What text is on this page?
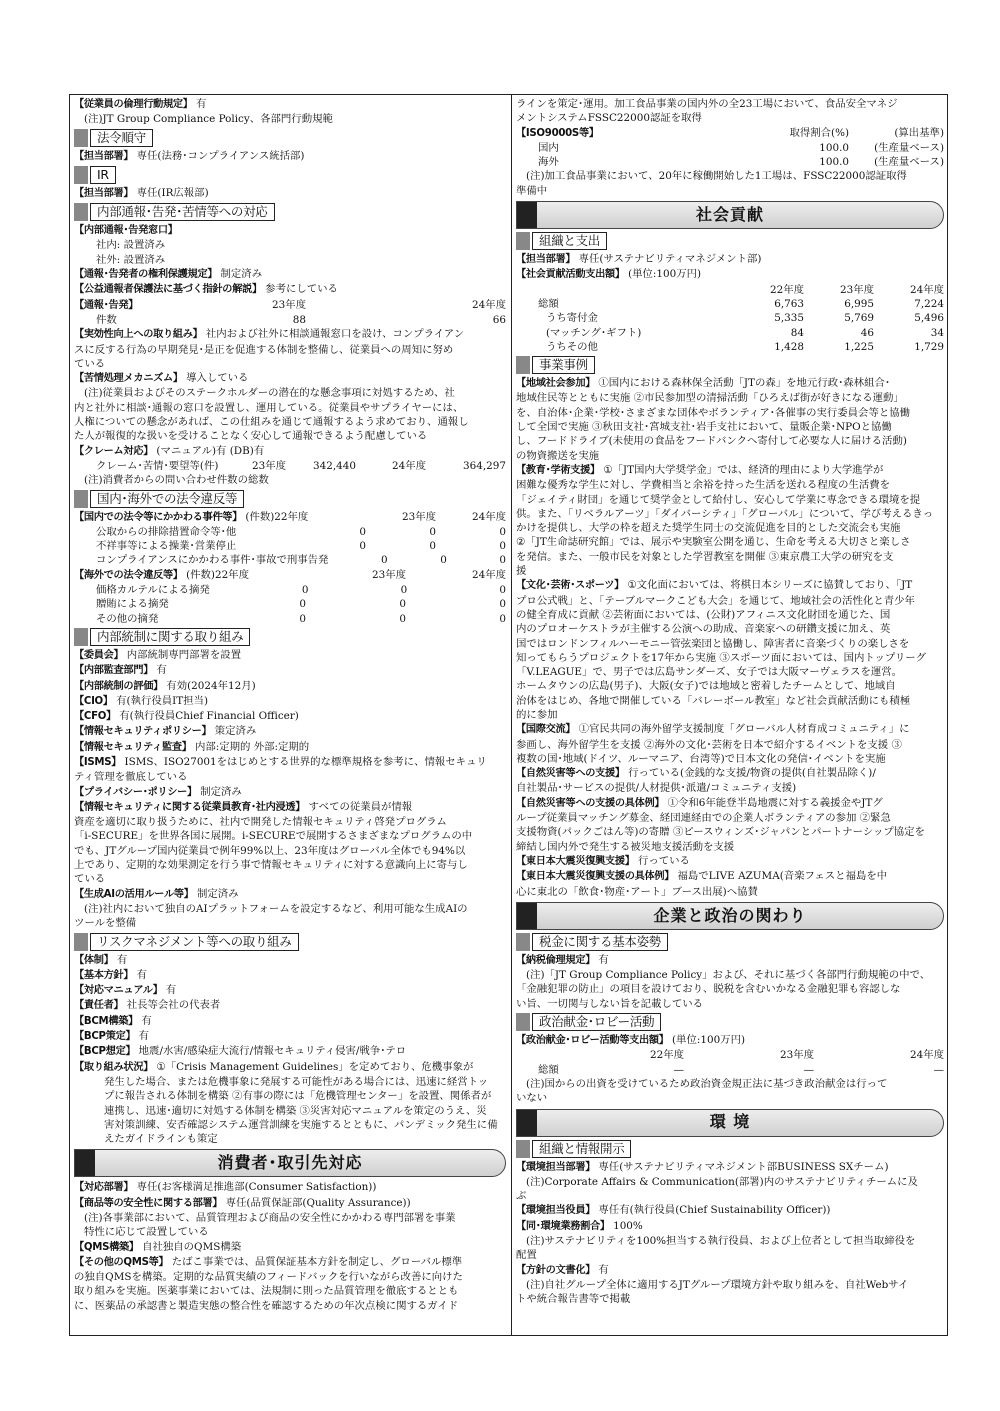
【従業員の倫理行動規定】 有
(注)JT Group Compliance Policy、各部門行動規範
法令順守
【担当部署】 専任(法務･コンプライアンス統括部)
IR
【担当部署】 専任(IR広報部)
内部通報･告発･苦情等への対応
【内部通報･告発窓口】
社内: 設置済み
社外: 設置済み
【通報･告発者の権利保護規定】 制定済み
【公益通報者保護法に基づく指針の解説】 参考にしている
【通報･告発】	23年度	24年度
件数	88	66
【実効性向上への取り組み】 社内および社外に相談通報窓口を設け、コンプライアン
スに反する行為の早期発見･是正を促進する体制を整備し、従業員への周知に努め
ている
【苦情処理メカニズム】 導入している
(注)従業員およびそのステークホルダーの潜在的な懸念事項に対処するため、社
内と社外に相談･通報の窓口を設置し、運用している。従業員やサプライヤーには、
人権についての懸念があれば、この仕組みを通じて通報するよう求めており、通報し
た人が報復的な扱いを受けることなく安心して通報できるよう配慮している
【クレーム対応】 (マニュアル)有 (DB)有
クレーム･苦情･要望等(件)	23年度	342,440	24年度	364,297
(注)消費者からの問い合わせ件数の総数
国内･海外での法令違反等
【国内での法令等にかかわる事件等】 (件数)22年度	23年度	24年度
公取からの排除措置命令等･他	0	0	0
不祥事等による操業･営業停止	0	0	0
コンプライアンスにかかわる事件･事故で刑事告発	0	0	0
【海外での法令違反等】 (件数)22年度	23年度	24年度
価格カルテルによる摘発	0	0	0
贈賄による摘発	0	0	0
その他の摘発	0	0	0
内部統制に関する取り組み
【委員会】 内部統制専門部署を設置
【内部監査部門】 有
【内部統制の評価】 有効(2024年12月)
【CIO】 有(執行役員IT担当)
【CFO】 有(執行役員Chief Financial Officer)
【情報セキュリティポリシー】 策定済み
【情報セキュリティ監査】 内部:定期的 外部:定期的
【ISMS】 ISMS、ISO27001をはじめとする世界的な標準規格を参考に、情報セキュリ
ティ管理を徹底している
【プライバシー･ポリシー】 制定済み
【情報セキュリティに関する従業員教育･社内浸透】 すべての従業員が情報
資産を適切に取り扱うために、社内で開発した情報セキュリティ啓発プログラム
「i-SECURE」を世界各国に展開。i-SECUREで展開するさまざまなプログラムの中
でも、JTグループ国内従業員で例年99%以上、23年度はグローバル全体でも94%以
上であり、定期的な効果測定を行う事で情報セキュリティに対する意識向上に寄与し
ている
【生成AIの活用ルール等】 制定済み
(注)社内において独自のAIプラットフォームを設定するなど、利用可能な生成AIの
ツールを整備
リスクマネジメント等への取り組み
【体制】 有
【基本方針】 有
【対応マニュアル】 有
【責任者】 社長等会社の代表者
【BCM構築】 有
【BCP策定】 有
【BCP想定】 地震/水害/感染症大流行/情報セキュリティ侵害/戦争･テロ
【取り組み状況】 ①「Crisis Management Guidelines」を定めており、危機事象が
発生した場合、または危機事象に発展する可能性がある場合には、迅速に経営トッ
プに報告される体制を構築 ②有事の際には「危機管理センター」を設置、関係者が
連携し、迅速･適切に対処する体制を構築 ③災害対応マニュアルを策定のうえ、災
害対策訓練、安否確認システム運営訓練を実施するとともに、パンデミック発生に備
えたガイドラインも策定
消費者･取引先対応
【対応部署】 専任(お客様満足推進部(Consumer Satisfaction))
【商品等の安全性に関する部署】 専任(品質保証部(Quality Assurance))
(注)各事業部において、品質管理および商品の安全性にかかわる専門部署を事業
特性に応じて設置している
【QMS構築】 自社独自のQMS構築
【その他のQMS等】 たばこ事業では、品質保証基本方針を制定し、グローバル標準
の独自QMSを構築。定期的な品質実績のフィードバックを行いながら改善に向けた
取り組みを実施。医薬事業においては、法規制に則った品質管理を徹底するととも
に、医薬品の承認書と製造実態の整合性を確認するための年次点検に関するガイド
ラインを策定･運用。加工食品事業の国内外の全23工場において、食品安全マネジ
メントシステムFSSC22000認証を取得
【ISO9000S等】	取得割合(%)	(算出基準)
国内	100.0	(生産量ベース)
海外	100.0	(生産量ベース)
(注)加工食品事業において、20年に稼働開始した1工場は、FSSC22000認証取得
準備中
社会貢献
組織と支出
【担当部署】 専任(サステナビリティマネジメント部)
【社会貢献活動支出額】 (単位:100万円)
22年度	23年度	24年度
総額	6,763	6,995	7,224
うち寄付金	5,335	5,769	5,496
(マッチング･ギフト)	84	46	34
うちその他	1,428	1,225	1,729
事業事例
【地域社会参加】 ①国内における森林保全活動「JTの森」を地元行政･森林組合･
地域住民等とともに実施 ②市民参加型の清掃活動「ひろえば街が好きになる運動」
を、自治体･企業･学校･さまざまな団体やボランティア･各催事の実行委員会等と協働
して全国で実施 ③秋田支社･宮城支社･岩手支社において、量販企業･NPOと協働
し、フードドライブ(未使用の食品をフードバンクへ寄付して必要な人に届ける活動)
の物資搬送を実施
【教育･学術支援】 ①「JT国内大学奨学金」では、経済的理由により大学進学が
困難な優秀な学生に対し、学費相当と余裕を持った生活を送れる程度の生活費を
「ジェイティ財団」を通じて奨学金として給付し、安心して学業に専念できる環境を提
供。また、「リベラルアーツ」「ダイバーシティ」「グローバル」について、学び考えるきっ
かけを提供し、大学の枠を超えた奨学生同士の交流促進を目的とした交流会も実施
②「JT生命誌研究館」では、展示や実験室公開を通じ、生命を考える大切さと楽しさ
を発信。また、一般市民を対象とした学習教室を開催 ③東京農工大学の研究を支
援
【文化･芸術･スポーツ】 ①文化面においては、将棋日本シリーズに協賛しており、「JT
プロ公式戦」と、「テーブルマークこども大会」を通じて、地域社会の活性化と青少年
の健全育成に貢献 ②芸術面においては、(公財)アフィニス文化財団を通じた、国
内のプロオーケストラが主催する公演への助成、音楽家への研鑽支援に加え、英
国ではロンドンフィルハーモニー管弦楽団と協働し、障害者に音楽づくりの楽しさを
知ってもらうプロジェクトを17年から実施 ③スポーツ面においては、国内トップリーグ
「V.LEAGUE」で、男子では広島サンダーズ、女子では大阪マーヴェラスを運営。
ホームタウンの広島(男子)、大阪(女子)では地域と密着したチームとして、地域自
治体をはじめ、各地で開催している「バレーボール教室」など社会貢献活動にも積極
的に参加
【国際交流】 ①官民共同の海外留学支援制度「グローバル人材育成コミュニティ」に
参画し、海外留学生を支援 ②海外の文化･芸術を日本で紹介するイベントを支援 ③
複数の国･地域(ドイツ、ルーマニア、台湾等)で日本文化の発信･イベントを実施
【自然災害等への支援】 行っている(金銭的な支援/物資の提供(自社製品除く)/
自社製品･サービスの提供/人材提供･派遣/コミュニティ支援)
【自然災害等への支援の具体例】 ①令和6年能登半島地震に対する義援金やJTグ
ループ従業員マッチング募金、経団連経由での企業人ボランティアの参加 ②緊急
支援物資(パックごはん等)の寄贈 ③ピースウィンズ･ジャパンとパートナーシップ協定を
締結し国内外で発生する被災地支援活動を支援
【東日本大震災復興支援】 行っている
【東日本大震災復興支援の具体例】 福島でLIVE AZUMA(音楽フェスと福島を中
心に東北の「飲食･物産･アート」ブース出展)へ協賛
企業と政治の関わり
税金に関する基本姿勢
【納税倫理規定】 有
(注)「JT Group Compliance Policy」および、それに基づく各部門行動規範の中で、
「金融犯罪の防止」の項目を設けており、脱税を含むいかなる金融犯罪も容認しな
い旨、一切関与しない旨を記載している
政治献金･ロビー活動
【政治献金･ロビー活動等支出額】 (単位:100万円)
22年度	23年度	24年度
総額	—	—	—
(注)国からの出資を受けているため政治資金規正法に基づき政治献金は行って
いない
環 境
組織と情報開示
【環境担当部署】 専任(サステナビリティマネジメント部BUSINESS SXチーム)
(注)Corporate Affairs & Communication(部署)内のサステナビリティチームに及
ぶ
【環境担当役員】 専任有(執行役員(Chief Sustainability Officer))
【同･環境業務割合】 100%
(注)サステナビリティを100%担当する執行役員、および上位者として担当取締役を
配置
【方針の文書化】 有
(注)自社グループ全体に適用するJTグループ環境方針や取り組みを、自社Webサイ
トや統合報告書等で掲載
